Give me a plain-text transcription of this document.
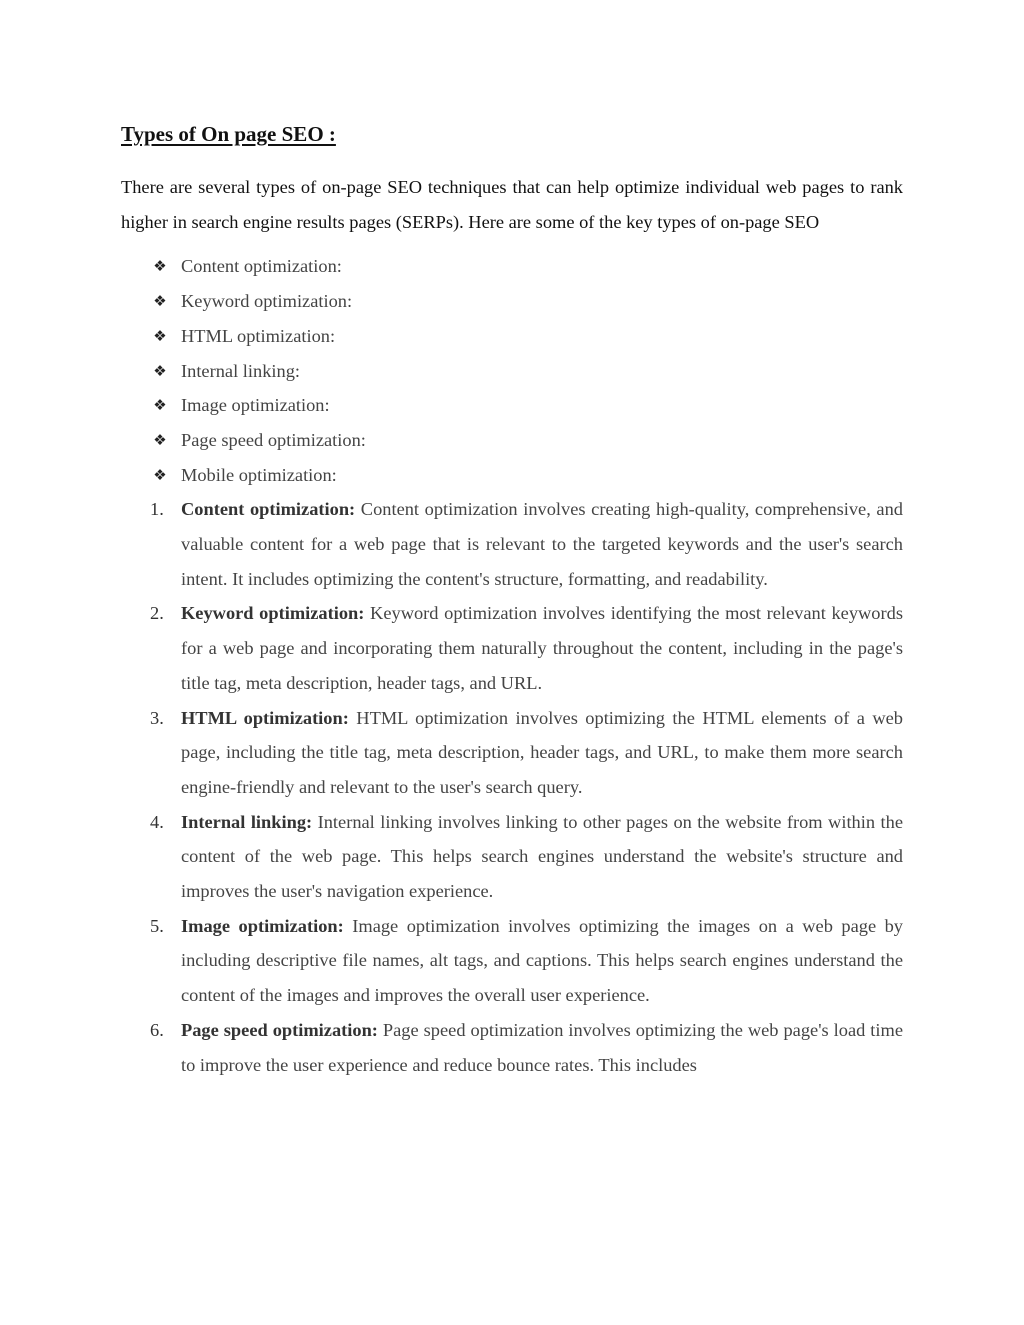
Types of On page SEO :

There are several types of on-page SEO techniques that can help optimize individual web pages to rank higher in search engine results pages (SERPs). Here are some of the key types of on-page SEO

❖ Content optimization:
❖ Keyword optimization:
❖ HTML optimization:
❖ Internal linking:
❖ Image optimization:
❖ Page speed optimization:
❖ Mobile optimization:
1. Content optimization: Content optimization involves creating high-quality, comprehensive, and valuable content for a web page that is relevant to the targeted keywords and the user's search intent. It includes optimizing the content's structure, formatting, and readability.
2. Keyword optimization: Keyword optimization involves identifying the most relevant keywords for a web page and incorporating them naturally throughout the content, including in the page's title tag, meta description, header tags, and URL.
3. HTML optimization: HTML optimization involves optimizing the HTML elements of a web page, including the title tag, meta description, header tags, and URL, to make them more search engine-friendly and relevant to the user's search query.
4. Internal linking: Internal linking involves linking to other pages on the website from within the content of the web page. This helps search engines understand the website's structure and improves the user's navigation experience.
5. Image optimization: Image optimization involves optimizing the images on a web page by including descriptive file names, alt tags, and captions. This helps search engines understand the content of the images and improves the overall user experience.
6. Page speed optimization: Page speed optimization involves optimizing the web page's load time to improve the user experience and reduce bounce rates. This includes
